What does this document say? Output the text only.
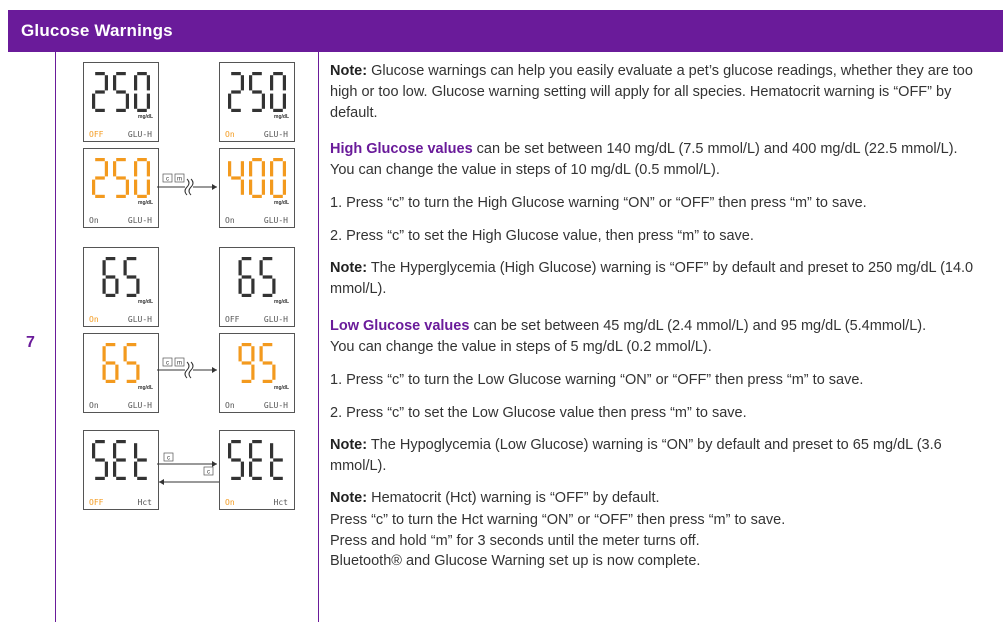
Glucose Warnings
7
mg/dL
OFF	GLU-H
mg/dL
On	GLU-H
mg/dL
On	GLU-H
mg/dL
On	GLU-H
mg/dL
On	GLU-H
mg/dL
OFF	GLU-H
mg/dL
On	GLU-H
mg/dL
On	GLU-H
OFF	Hct	On	Hct
c m
c m
c
c
Note: Glucose warnings can help you easily evaluate a pet’s glucose readings, whether they are too high or too low. Glucose warning setting will apply for all species. Hematocrit warning is “OFF” by default.
High Glucose values can be set between 140 mg/dL (7.5 mmol/L) and 400 mg/dL (22.5 mmol/L). You can change the value in steps of 10 mg/dL (0.5 mmol/L).
1. Press “c” to turn the High Glucose warning “ON” or “OFF” then press “m” to save.
2. Press “c” to set the High Glucose value, then press “m” to save.
Note: The Hyperglycemia (High Glucose) warning is “OFF” by default and preset to 250 mg/dL (14.0 mmol/L).
Low Glucose values can be set between 45 mg/dL (2.4 mmol/L) and 95 mg/dL (5.4mmol/L). You can change the value in steps of 5 mg/dL (0.2 mmol/L).
1. Press “c” to turn the Low Glucose warning “ON” or “OFF” then press “m” to save.
2. Press “c” to set the Low Glucose value then press “m” to save.
Note: The Hypoglycemia (Low Glucose) warning is “ON” by default and preset to 65 mg/dL (3.6 mmol/L).
Note: Hematocrit (Hct) warning is “OFF” by default.
Press “c” to turn the Hct warning “ON” or “OFF” then press “m” to save.
Press and hold “m” for 3 seconds until the meter turns off.
Bluetooth® and Glucose Warning set up is now complete.
